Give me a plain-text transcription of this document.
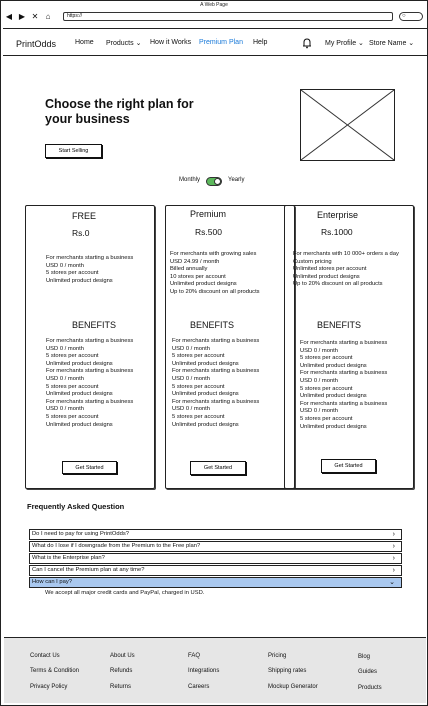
A Web Page
◀ ▶ ✕ ⌂	https://	○
PrintOdds	Home Products ⌄ How it Works Premium Plan Help	My Profile ⌄ Store Name ⌄
Choose the right plan for your business
Start Selling
Monthly	Yearly
FREE
Rs.0
For merchants starting a business
USD 0 / month
5 stores per account
Unlimited product designs
BENEFITS
For merchants starting a business
USD 0 / month
5 stores per account
Unlimited product designs
For merchants starting a business
USD 0 / month
5 stores per account
Unlimited product designs
For merchants starting a business
USD 0 / month
5 stores per account
Unlimited product designs
Get Started
Premium
Rs.500
For merchants with growing sales
USD 24.99 / month
Billed annually
10 stores per account
Unlimited product designs
Up to 20% discount on all products
BENEFITS
For merchants starting a business
USD 0 / month
5 stores per account
Unlimited product designs
For merchants starting a business
USD 0 / month
5 stores per account
Unlimited product designs
For merchants starting a business
USD 0 / month
5 stores per account
Unlimited product designs
Get Started
Enterprise
Rs.1000
For merchants with 10 000+ orders a day
Custom pricing
Unlimited stores per account
Unlimited product designs
Up to 20% discount on all products
BENEFITS
For merchants starting a business
USD 0 / month
5 stores per account
Unlimited product designs
For merchants starting a business
USD 0 / month
5 stores per account
Unlimited product designs
For merchants starting a business
USD 0 / month
5 stores per account
Unlimited product designs
Get Started
Frequently Asked Question
Do I need to pay for using PrintOdds?	›
What do I lose if I downgrade from the Premium to the Free plan?	›
What is the Enterprise plan?	›
Can I cancel the Premium plan at any time?	›
How can I pay?	⌄
We accept all major credit cards and PayPal, charged in USD.
Contact Us
Terms & Condition
Privacy Policy
About Us
Refunds
Returns
FAQ
Integrations
Careers
Pricing
Shipping rates
Mockup Generator
Blog
Guides
Products
